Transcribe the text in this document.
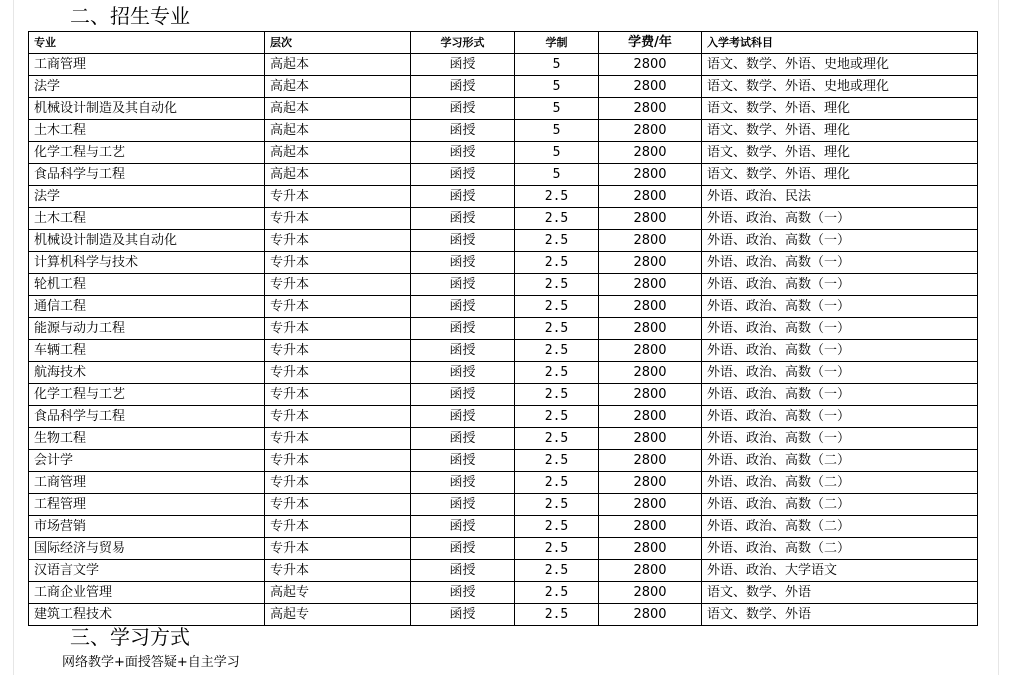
二、招生专业
专业	层次	学习形式	学制	学费/年	入学考试科目
工商管理	高起本	函授	5	2800	语文、数学、外语、史地或理化
法学	高起本	函授	5	2800	语文、数学、外语、史地或理化
机械设计制造及其自动化	高起本	函授	5	2800	语文、数学、外语、理化
土木工程	高起本	函授	5	2800	语文、数学、外语、理化
化学工程与工艺	高起本	函授	5	2800	语文、数学、外语、理化
食品科学与工程	高起本	函授	5	2800	语文、数学、外语、理化
法学	专升本	函授	2.5	2800	外语、政治、民法
土木工程	专升本	函授	2.5	2800	外语、政治、高数（一）
机械设计制造及其自动化	专升本	函授	2.5	2800	外语、政治、高数（一）
计算机科学与技术	专升本	函授	2.5	2800	外语、政治、高数（一）
轮机工程	专升本	函授	2.5	2800	外语、政治、高数（一）
通信工程	专升本	函授	2.5	2800	外语、政治、高数（一）
能源与动力工程	专升本	函授	2.5	2800	外语、政治、高数（一）
车辆工程	专升本	函授	2.5	2800	外语、政治、高数（一）
航海技术	专升本	函授	2.5	2800	外语、政治、高数（一）
化学工程与工艺	专升本	函授	2.5	2800	外语、政治、高数（一）
食品科学与工程	专升本	函授	2.5	2800	外语、政治、高数（一）
生物工程	专升本	函授	2.5	2800	外语、政治、高数（一）
会计学	专升本	函授	2.5	2800	外语、政治、高数（二）
工商管理	专升本	函授	2.5	2800	外语、政治、高数（二）
工程管理	专升本	函授	2.5	2800	外语、政治、高数（二）
市场营销	专升本	函授	2.5	2800	外语、政治、高数（二）
国际经济与贸易	专升本	函授	2.5	2800	外语、政治、高数（二）
汉语言文学	专升本	函授	2.5	2800	外语、政治、大学语文
工商企业管理	高起专	函授	2.5	2800	语文、数学、外语
建筑工程技术	高起专	函授	2.5	2800	语文、数学、外语
三、学习方式
网络教学+面授答疑+自主学习
